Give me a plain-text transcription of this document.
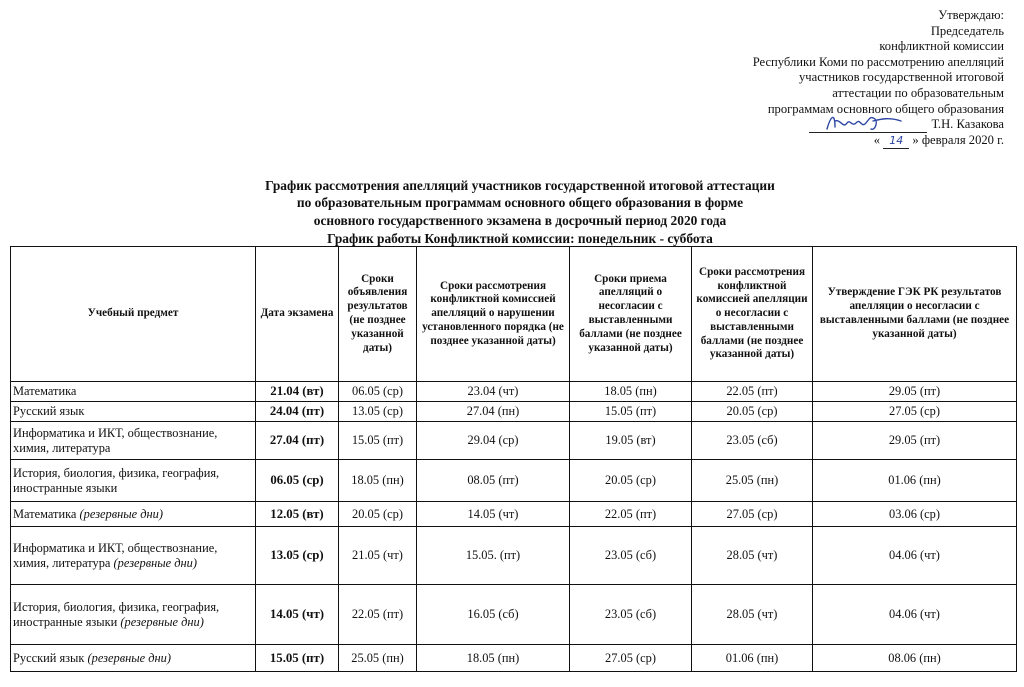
Утверждаю:
Председатель
конфликтной комиссии
Республики Коми по рассмотрению апелляций
участников государственной итоговой
аттестации по образовательным
программам основного общего образования
Т.Н. Казакова
« 14 » февраля 2020 г.
График рассмотрения апелляций участников государственной итоговой аттестации
по образовательным программам основного общего образования в форме
основного государственного экзамена в досрочный период 2020 года
График работы Конфликтной комиссии: понедельник - суббота
Учебный предмет	Дата экзамена	Сроки объявления результатов (не позднее указанной даты)	Сроки рассмотрения конфликтной комиссией апелляций о нарушении установленного порядка (не позднее указанной даты)	Сроки приема апелляций о несогласии с выставленными баллами (не позднее указанной даты)	Сроки рассмотрения конфликтной комиссией апелляции о несогласии с выставленными баллами (не позднее указанной даты)	Утверждение ГЭК РК результатов апелляции о несогласии с выставленными баллами (не позднее указанной даты)
Математика	21.04 (вт)	06.05 (ср)	23.04 (чт)	18.05 (пн)	22.05 (пт)	29.05 (пт)
Русский язык	24.04 (пт)	13.05 (ср)	27.04 (пн)	15.05 (пт)	20.05 (ср)	27.05 (ср)
Информатика и ИКТ, обществознание, химия, литература	27.04 (пт)	15.05 (пт)	29.04 (ср)	19.05 (вт)	23.05 (сб)	29.05 (пт)
История, биология, физика, география, иностранные языки	06.05 (ср)	18.05 (пн)	08.05 (пт)	20.05 (ср)	25.05 (пн)	01.06 (пн)
Математика (резервные дни)	12.05 (вт)	20.05 (ср)	14.05 (чт)	22.05 (пт)	27.05 (ср)	03.06 (ср)
Информатика и ИКТ, обществознание, химия, литература (резервные дни)	13.05 (ср)	21.05 (чт)	15.05. (пт)	23.05 (сб)	28.05 (чт)	04.06 (чт)
История, биология, физика, география, иностранные языки (резервные дни)	14.05 (чт)	22.05 (пт)	16.05 (сб)	23.05 (сб)	28.05 (чт)	04.06 (чт)
Русский язык (резервные дни)	15.05 (пт)	25.05 (пн)	18.05 (пн)	27.05 (ср)	01.06 (пн)	08.06 (пн)
